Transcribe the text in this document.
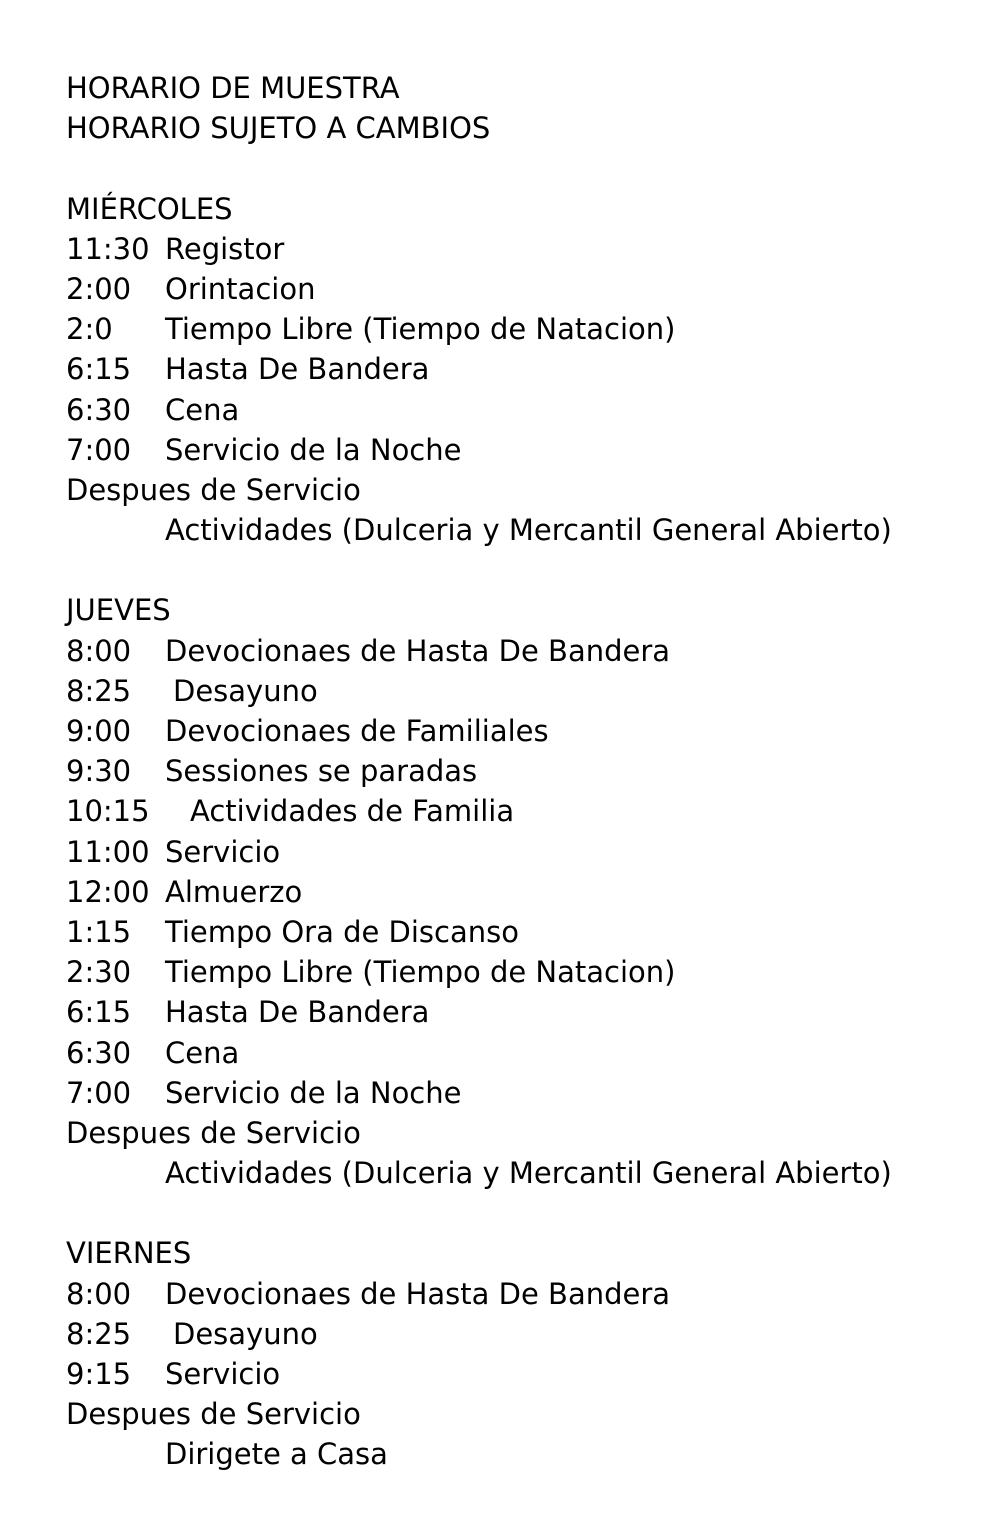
HORARIO DE MUESTRA
HORARIO SUJETO A CAMBIOS
MIÉRCOLES
11:30 Registor
2:00	Orintacion
2:0	Tiempo Libre (Tiempo de Natacion)
6:15	Hasta De Bandera
6:30	Cena
7:00	Servicio de la Noche
Despues de Servicio
Actividades (Dulceria y Mercantil General Abierto)
JUEVES
8:00	Devocionaes de Hasta De Bandera
8:25	Desayuno
9:00	Devocionaes de Familiales
9:30	Sessiones se paradas
10:15	Actividades de Familia
11:00 Servicio
12:00 Almuerzo
1:15	Tiempo Ora de Discanso
2:30	Tiempo Libre (Tiempo de Natacion)
6:15	Hasta De Bandera
6:30	Cena
7:00	Servicio de la Noche
Despues de Servicio
Actividades (Dulceria y Mercantil General Abierto)
VIERNES
8:00	Devocionaes de Hasta De Bandera
8:25	Desayuno
9:15	Servicio
Despues de Servicio
Dirigete a Casa
